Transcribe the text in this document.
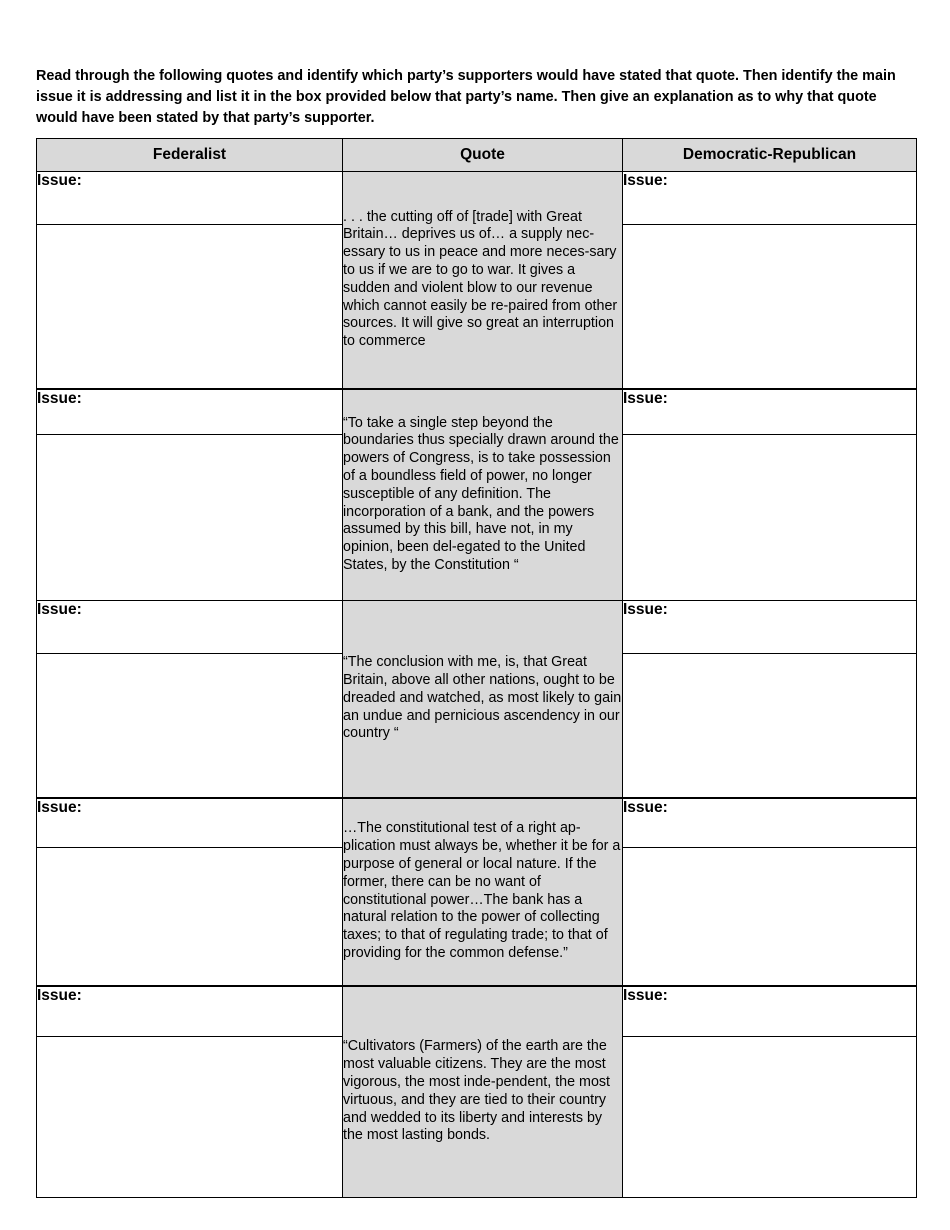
Read through the following quotes and identify which party’s supporters would have stated that quote. Then identify the main issue it is addressing and list it in the box provided below that party’s name. Then give an explanation as to why that quote would have been stated by that party’s supporter.

Federalist	Quote	Democratic-Republican
Issue:	. . . the cutting off of [trade] with Great Britain… deprives us of… a supply nec-essary to us in peace and more neces-sary to us if we are to go to war. It gives a sudden and violent blow to our revenue which cannot easily be re-paired from other sources. It will give so great an interruption to commerce	Issue:

Issue:	“To take a single step beyond the boundaries thus specially drawn around the powers of Congress, is to take possession of a boundless field of power, no longer susceptible of any definition. The incorporation of a bank, and the powers assumed by this bill, have not, in my opinion, been del-egated to the United States, by the Constitution “	Issue:

Issue:	“The conclusion with me, is, that Great Britain, above all other nations, ought to be dreaded and watched, as most likely to gain an undue and pernicious ascendency in our country “	Issue:

Issue:	…The constitutional test of a right ap-plication must always be, whether it be for a purpose of general or local nature. If the former, there can be no want of constitutional power…The bank has a natural relation to the power of collecting taxes; to that of regulating trade; to that of providing for the common defense.”	Issue:

Issue:	“Cultivators (Farmers) of the earth are the most valuable citizens. They are the most vigorous, the most inde-pendent, the most virtuous, and they are tied to their country and wedded to its liberty and interests by the most lasting bonds.	Issue:
